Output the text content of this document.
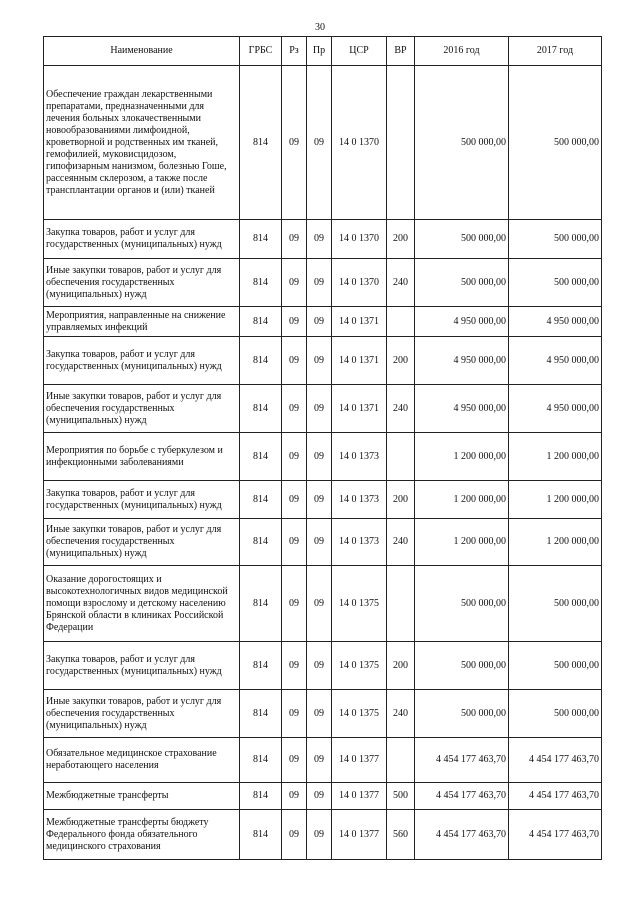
30
Наименование	ГРБС	Рз	Пр	ЦСР	ВР	2016 год	2017 год
Обеспечение граждан лекарственными препаратами, предназначенными для лечения больных злокачественными новообразованиями лимфоидной, кроветворной и родственных им тканей, гемофилией, муковисцидозом, гипофизарным нанизмом, болезнью Гоше, рассеянным склерозом, а также после трансплантации органов и (или) тканей	814	09	09	14 0 1370		500 000,00	500 000,00
Закупка товаров, работ и услуг для государственных (муниципальных) нужд	814	09	09	14 0 1370	200	500 000,00	500 000,00
Иные закупки товаров, работ и услуг для обеспечения государственных (муниципальных) нужд	814	09	09	14 0 1370	240	500 000,00	500 000,00
Мероприятия, направленные на снижение управляемых инфекций	814	09	09	14 0 1371		4 950 000,00	4 950 000,00
Закупка товаров, работ и услуг для государственных (муниципальных) нужд	814	09	09	14 0 1371	200	4 950 000,00	4 950 000,00
Иные закупки товаров, работ и услуг для обеспечения государственных (муниципальных) нужд	814	09	09	14 0 1371	240	4 950 000,00	4 950 000,00
Мероприятия по борьбе с туберкулезом и инфекционными заболеваниями	814	09	09	14 0 1373		1 200 000,00	1 200 000,00
Закупка товаров, работ и услуг для государственных (муниципальных) нужд	814	09	09	14 0 1373	200	1 200 000,00	1 200 000,00
Иные закупки товаров, работ и услуг для обеспечения государственных (муниципальных) нужд	814	09	09	14 0 1373	240	1 200 000,00	1 200 000,00
Оказание дорогостоящих и высокотехнологичных видов медицинской помощи взрослому и детскому населению Брянской области в клиниках Российской Федерации	814	09	09	14 0 1375		500 000,00	500 000,00
Закупка товаров, работ и услуг для государственных (муниципальных) нужд	814	09	09	14 0 1375	200	500 000,00	500 000,00
Иные закупки товаров, работ и услуг для обеспечения государственных (муниципальных) нужд	814	09	09	14 0 1375	240	500 000,00	500 000,00
Обязательное медицинское страхование неработающего населения	814	09	09	14 0 1377		4 454 177 463,70	4 454 177 463,70
Межбюджетные трансферты	814	09	09	14 0 1377	500	4 454 177 463,70	4 454 177 463,70
Межбюджетные трансферты бюджету Федерального фонда обязательного медицинского страхования	814	09	09	14 0 1377	560	4 454 177 463,70	4 454 177 463,70
